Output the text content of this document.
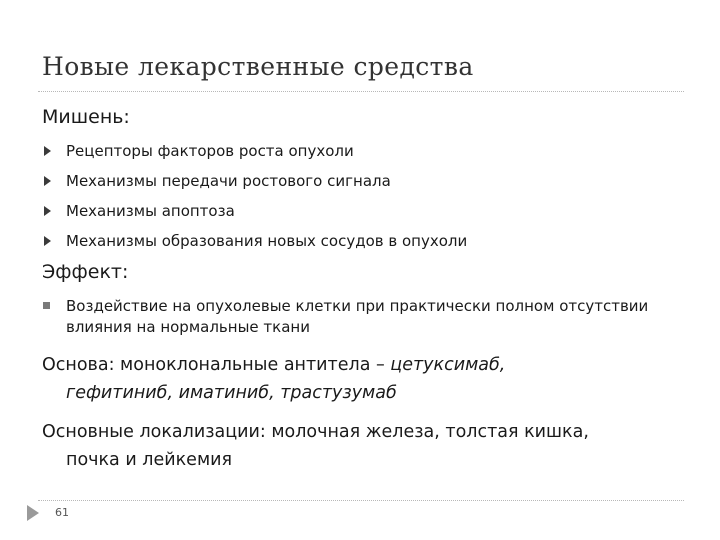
Новые лекарственные средства
Мишень:
Рецепторы факторов роста опухоли
Механизмы передачи ростового сигнала
Механизмы апоптоза
Механизмы образования новых сосудов в опухоли
Эффект:
Воздействие на опухолевые клетки при практически полном отсутствии влияния на нормальные ткани
Основа: моноклональные антитела – цетуксимаб,
гефитиниб, иматиниб, трастузумаб
Основные локализации: молочная железа, толстая кишка,
почка и лейкемия
61
